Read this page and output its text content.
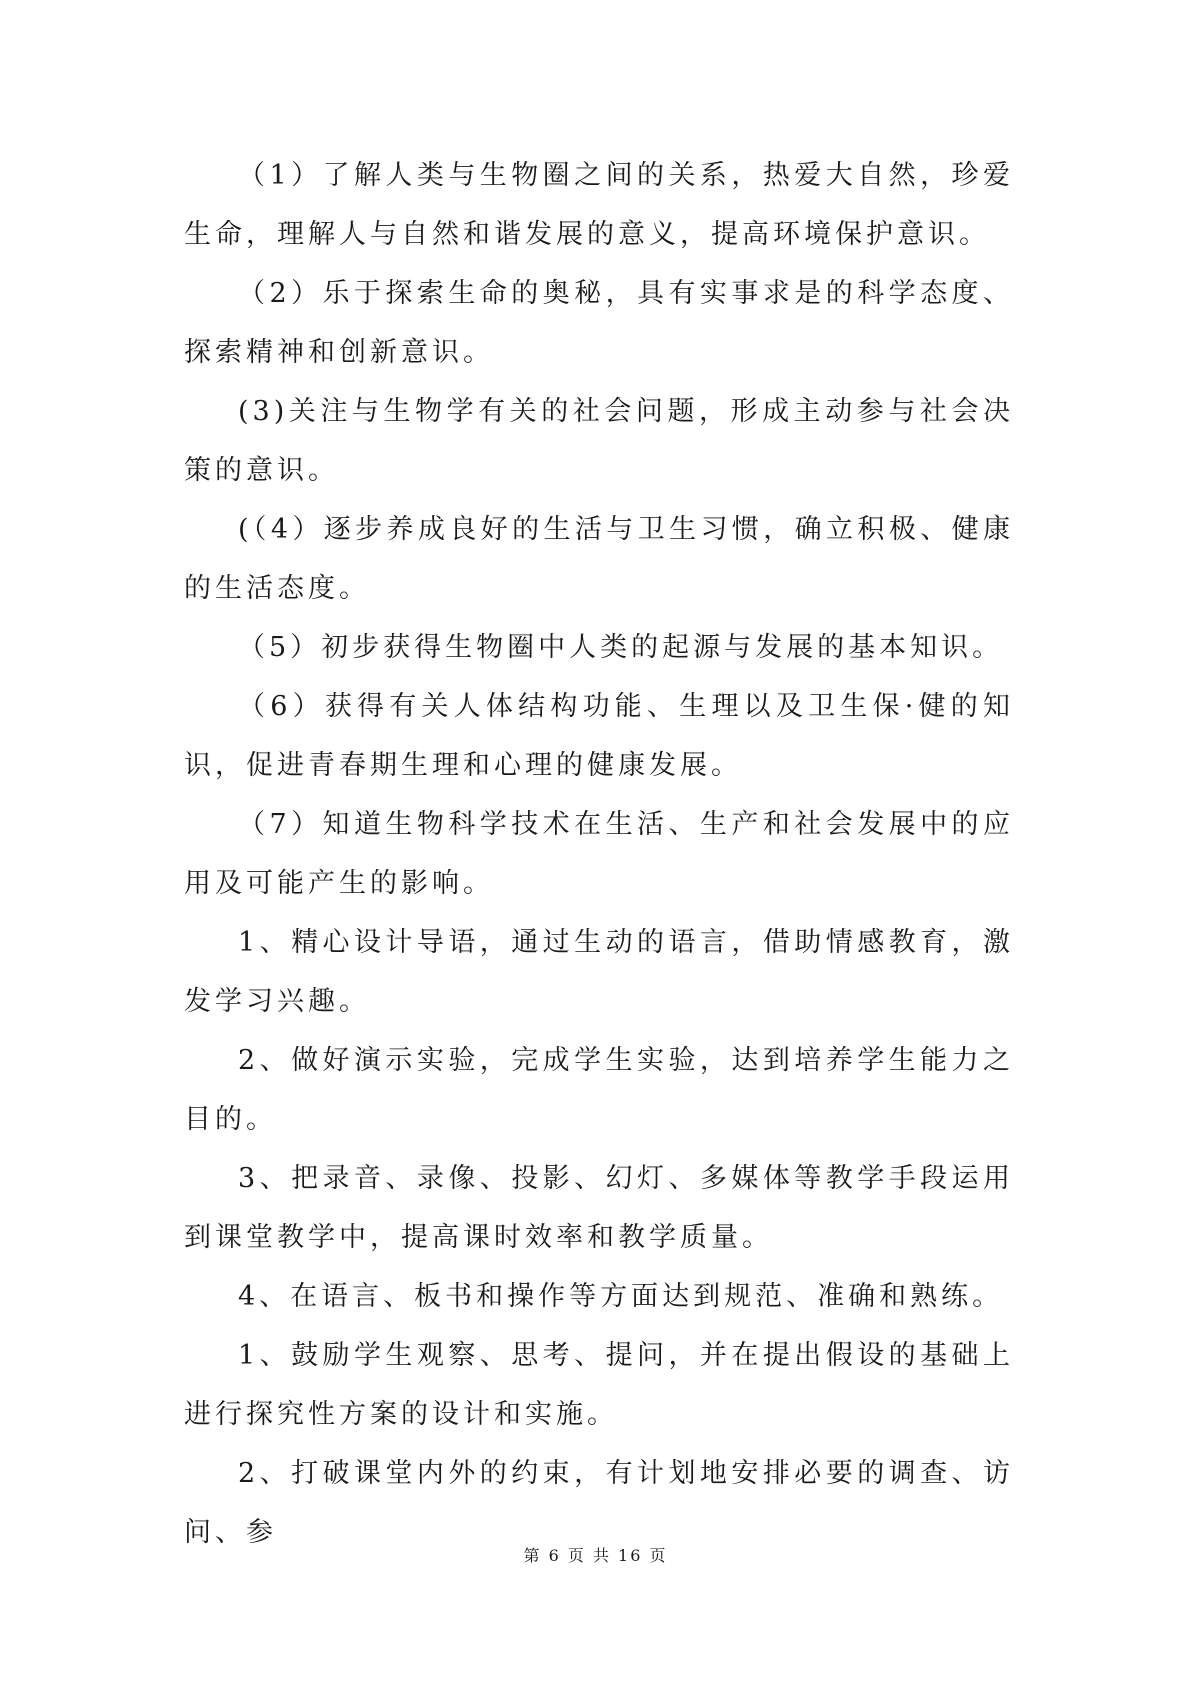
（1）了解人类与生物圈之间的关系，热爱大自然，珍爱生命，理解人与自然和谐发展的意义，提高环境保护意识。

（2）乐于探索生命的奥秘，具有实事求是的科学态度、探索精神和创新意识。

(3)关注与生物学有关的社会问题，形成主动参与社会决策的意识。

(（4）逐步养成良好的生活与卫生习惯，确立积极、健康的生活态度。

（5）初步获得生物圈中人类的起源与发展的基本知识。

（6）获得有关人体结构功能、生理以及卫生保·健的知识，促进青春期生理和心理的健康发展。

（7）知道生物科学技术在生活、生产和社会发展中的应用及可能产生的影响。

1、精心设计导语，通过生动的语言，借助情感教育，激发学习兴趣。

2、做好演示实验，完成学生实验，达到培养学生能力之目的。

3、把录音、录像、投影、幻灯、多媒体等教学手段运用到课堂教学中，提高课时效率和教学质量。

4、在语言、板书和操作等方面达到规范、准确和熟练。

1、鼓励学生观察、思考、提问，并在提出假设的基础上进行探究性方案的设计和实施。

2、打破课堂内外的约束，有计划地安排必要的调查、访问、参

第 6 页 共 16 页
